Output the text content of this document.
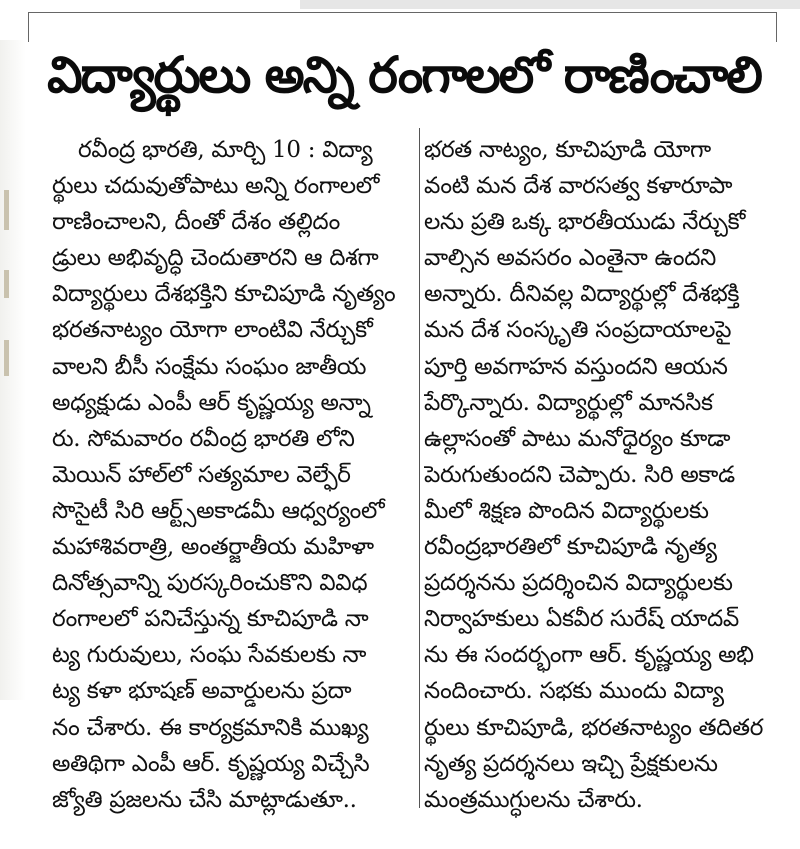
విద్యార్థులు అన్ని రంగాలలో రాణించాలి
రవీంద్ర భారతి, మార్చి 10 : విద్యా
ర్థులు చదువుతోపాటు అన్ని రంగాలలో
రాణించాలని, దీంతో దేశం తల్లిదం
డ్రులు అభివృద్ధి చెందుతారని ఆ దిశగా
విద్యార్థులు దేశభక్తిని కూచిపూడి నృత్యం
భరతనాట్యం యోగా లాంటివి నేర్చుకో
వాలని బీసీ సంక్షేమ సంఘం జాతీయ
అధ్యక్షుడు ఎంపీ ఆర్ కృష్ణయ్య అన్నా
రు. సోమవారం రవీంద్ర భారతి లోని
మెయిన్ హాల్‌లో సత్యమాల వెల్ఫేర్
సొసైటీ సిరి ఆర్ట్స్‌అకాడమీ ఆధ్వర్యంలో
మహాశివరాత్రి, అంతర్జాతీయ మహిళా
దినోత్సవాన్ని పురస్కరించుకొని వివిధ
రంగాలలో పనిచేస్తున్న కూచిపూడి నా
ట్య గురువులు, సంఘ సేవకులకు నా
ట్య కళా భూషణ్ అవార్డులను ప్రదా
నం చేశారు. ఈ కార్యక్రమానికి ముఖ్య
అతిథిగా ఎంపీ ఆర్. కృష్ణయ్య విచ్చేసి
జ్యోతి ప్రజలను చేసి మాట్లాడుతూ..
భరత నాట్యం, కూచిపూడి యోగా
వంటి మన దేశ వారసత్వ కళారూపా
లను ప్రతి ఒక్క భారతీయుడు నేర్చుకో
వాల్సిన అవసరం ఎంతైనా ఉందని
అన్నారు. దీనివల్ల విద్యార్థుల్లో దేశభక్తి
మన దేశ సంస్కృతి సంప్రదాయాలపై
పూర్తి అవగాహన వస్తుందని ఆయన
పేర్కొన్నారు. విద్యార్థుల్లో మానసిక
ఉల్లాసంతో పాటు మనోధైర్యం కూడా
పెరుగుతుందని చెప్పారు. సిరి అకాడ
మీలో శిక్షణ పొందిన విద్యార్థులకు
రవీంద్రభారతిలో కూచిపూడి నృత్య
ప్రదర్శనను ప్రదర్శించిన విద్యార్థులకు
నిర్వాహకులు ఏకవీర సురేష్ యాదవ్
ను ఈ సందర్భంగా ఆర్. కృష్ణయ్య అభి
నందించారు. సభకు ముందు విద్యా
ర్థులు కూచిపూడి, భరతనాట్యం తదితర
నృత్య ప్రదర్శనలు ఇచ్చి ప్రేక్షకులను
మంత్రముగ్ధులను చేశారు.
